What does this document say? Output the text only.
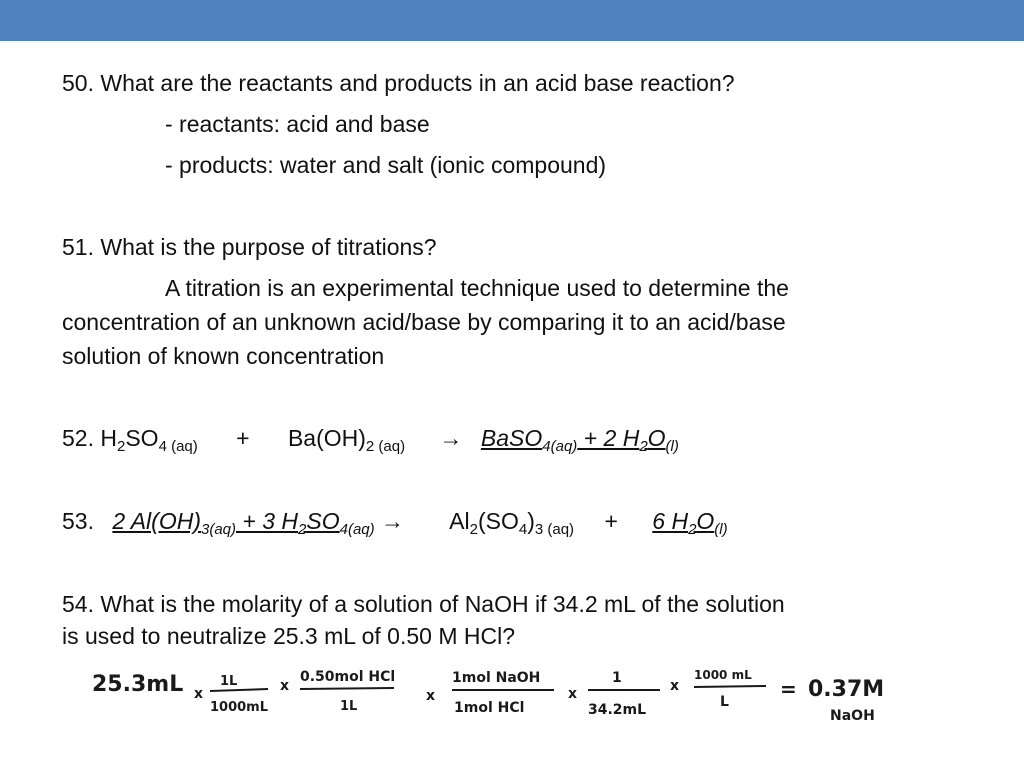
50. What are the reactants and products in an acid base reaction?
- reactants: acid and base
- products: water and salt (ionic compound)
51. What is the purpose of titrations?
A titration is an experimental technique used to determine the
concentration of an unknown acid/base by comparing it to an acid/base
solution of known concentration
52. $H_2SO_{4 (aq)} + Ba(OH)_{2 (aq)}$ → BaSO$_{4(aq)}$ + 2 $H_2O_{(l)}$
53. 2 $Al(OH)_{3(aq)} + 3$ $H_2SO_{4(aq)} \to Al_2(SO_4)_{3 (aq)} + 6$ $H_2O_{(l)}$
54. What is the molarity of a solution of NaOH if 34.2 mL of the solution
is used to neutralize 25.3 mL of 0.50 M HCl?
25.3mL x
1L
1000mL
x
0.50mol HCl
1L
x
1mol NaOH
1mol HCl
x
1
34.2mL
x
1000 mL
L
= 0.37M
NaOH
